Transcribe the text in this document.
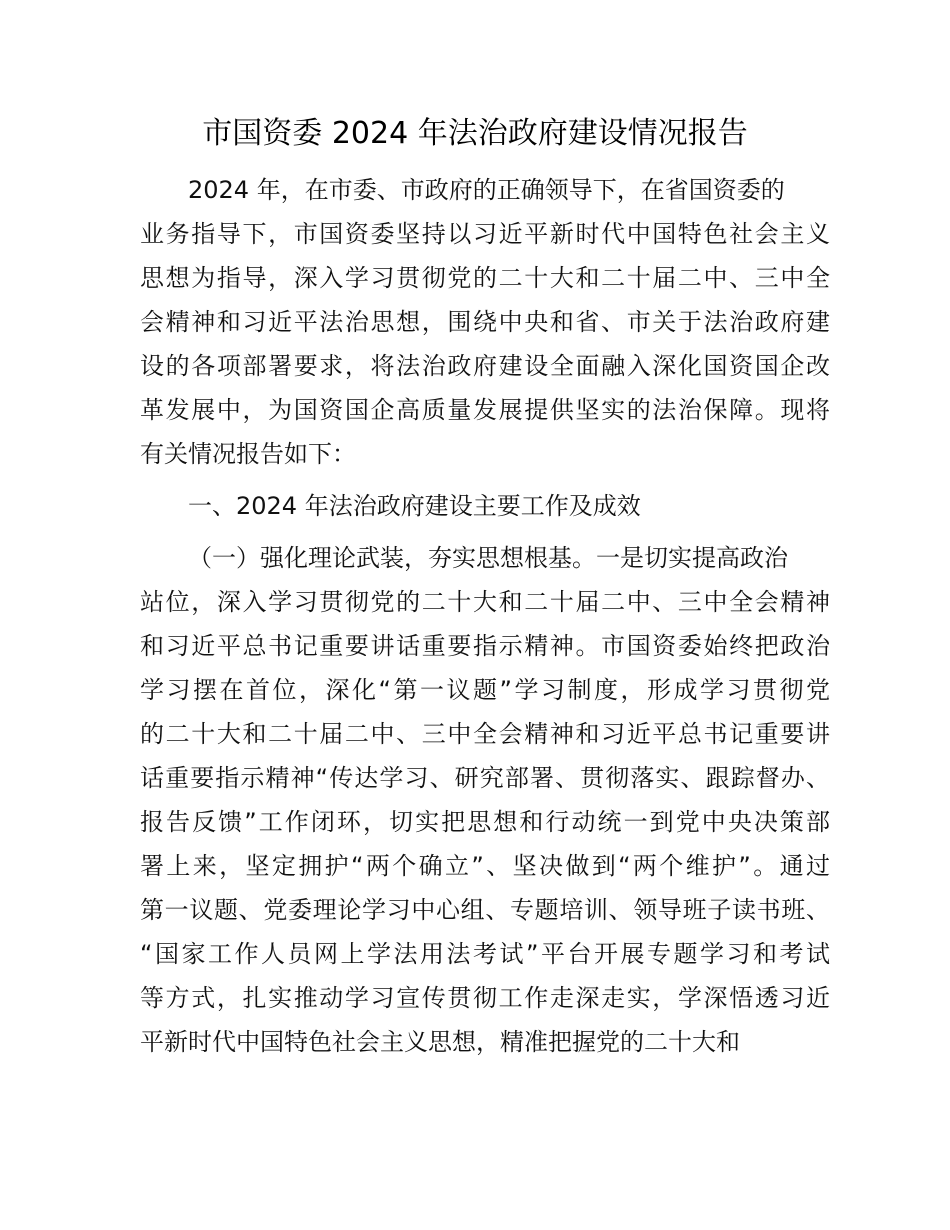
市国资委 2024 年法治政府建设情况报告
2024 年，在市委、市政府的正确领导下，在省国资委的
业务指导下，市国资委坚持以习近平新时代中国特色社会主义
思想为指导，深入学习贯彻党的二十大和二十届二中、三中全
会精神和习近平法治思想，围绕中央和省、市关于法治政府建
设的各项部署要求，将法治政府建设全面融入深化国资国企改
革发展中，为国资国企高质量发展提供坚实的法治保障。现将
有关情况报告如下：
一、2024 年法治政府建设主要工作及成效
（一）强化理论武装，夯实思想根基。一是切实提高政治
站位，深入学习贯彻党的二十大和二十届二中、三中全会精神
和习近平总书记重要讲话重要指示精神。市国资委始终把政治
学习摆在首位，深化“第一议题”学习制度，形成学习贯彻党
的二十大和二十届二中、三中全会精神和习近平总书记重要讲
话重要指示精神“传达学习、研究部署、贯彻落实、跟踪督办、
报告反馈”工作闭环，切实把思想和行动统一到党中央决策部
署上来，坚定拥护“两个确立”、坚决做到“两个维护”。通过
第一议题、党委理论学习中心组、专题培训、领导班子读书班、
“国家工作人员网上学法用法考试”平台开展专题学习和考试
等方式，扎实推动学习宣传贯彻工作走深走实，学深悟透习近
平新时代中国特色社会主义思想，精准把握党的二十大和
